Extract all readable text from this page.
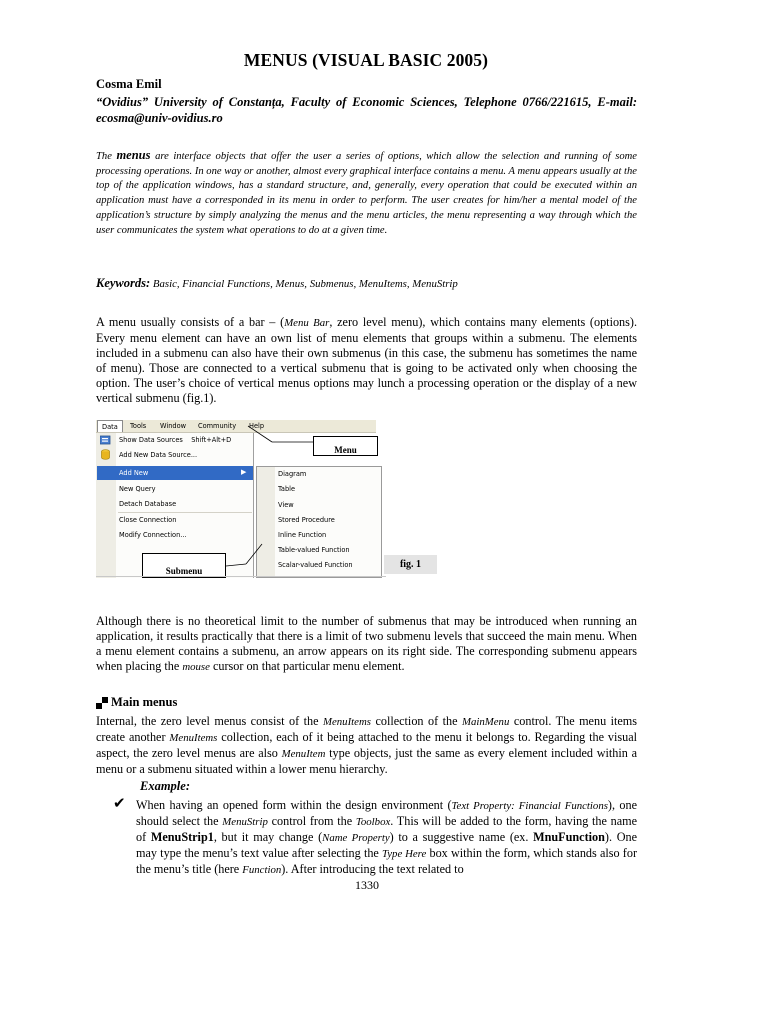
MENUS (VISUAL BASIC 2005)
Cosma Emil
“Ovidius” University of Constanța, Faculty of Economic Sciences, Telephone 0766/221615, E-mail: ecosma@univ-ovidius.ro
The menus are interface objects that offer the user a series of options, which allow the selection and running of some processing operations. In one way or another, almost every graphical interface contains a menu. A menu appears usually at the top of the application windows, has a standard structure, and, generally, every operation that could be executed within an application must have a corresponded in its menu in order to perform. The user creates for him/her a mental model of the application’s structure by simply analyzing the menus and the menu articles, the menu representing a way through which the user communicates the system what operations to do at a given time.
Keywords: Basic, Financial Functions, Menus, Submenus, MenuItems, MenuStrip
A menu usually consists of a bar – (Menu Bar, zero level menu), which contains many elements (options). Every menu element can have an own list of menu elements that groups within a submenu. The elements included in a submenu can also have their own submenus (in this case, the submenu has sometimes the name of menu). Those are connected to a vertical submenu that is going to be activated only when choosing the option. The user’s choice of vertical menus options may lunch a processing operation or the display of a new vertical submenu (fig.1).
Data	Tools Window Community Help
Show Data Sources Shift+Alt+D
Add New Data Source...
Add New	▶
New Query
Detach Database
Close Connection
Modify Connection...
Diagram
Table
View
Stored Procedure
Inline Function
Table-valued Function
Scalar-valued Function
Menu
Submenu
fig. 1
Although there is no theoretical limit to the number of submenus that may be introduced when running an application, it results practically that there is a limit of two submenu levels that succeed the main menu. When a menu element contains a submenu, an arrow appears on its right side. The corresponding submenu appears when placing the mouse cursor on that particular menu element.
Main menus
Internal, the zero level menus consist of the MenuItems collection of the MainMenu control. The menu items create another MenuItems collection, each of it being attached to the menu it belongs to. Regarding the visual aspect, the zero level menus are also MenuItem type objects, just the same as every element included within a menu or a submenu situated within a lower menu hierarchy.
Example:
✔ When having an opened form within the design environment (Text Property: Financial Functions), one should select the MenuStrip control from the Toolbox. This will be added to the form, having the name of MenuStrip1, but it may change (Name Property) to a suggestive name (ex. MnuFunction). One may type the menu’s text value after selecting the Type Here box within the form, which stands also for the menu’s title (here Function). After introducing the text related to
1330
